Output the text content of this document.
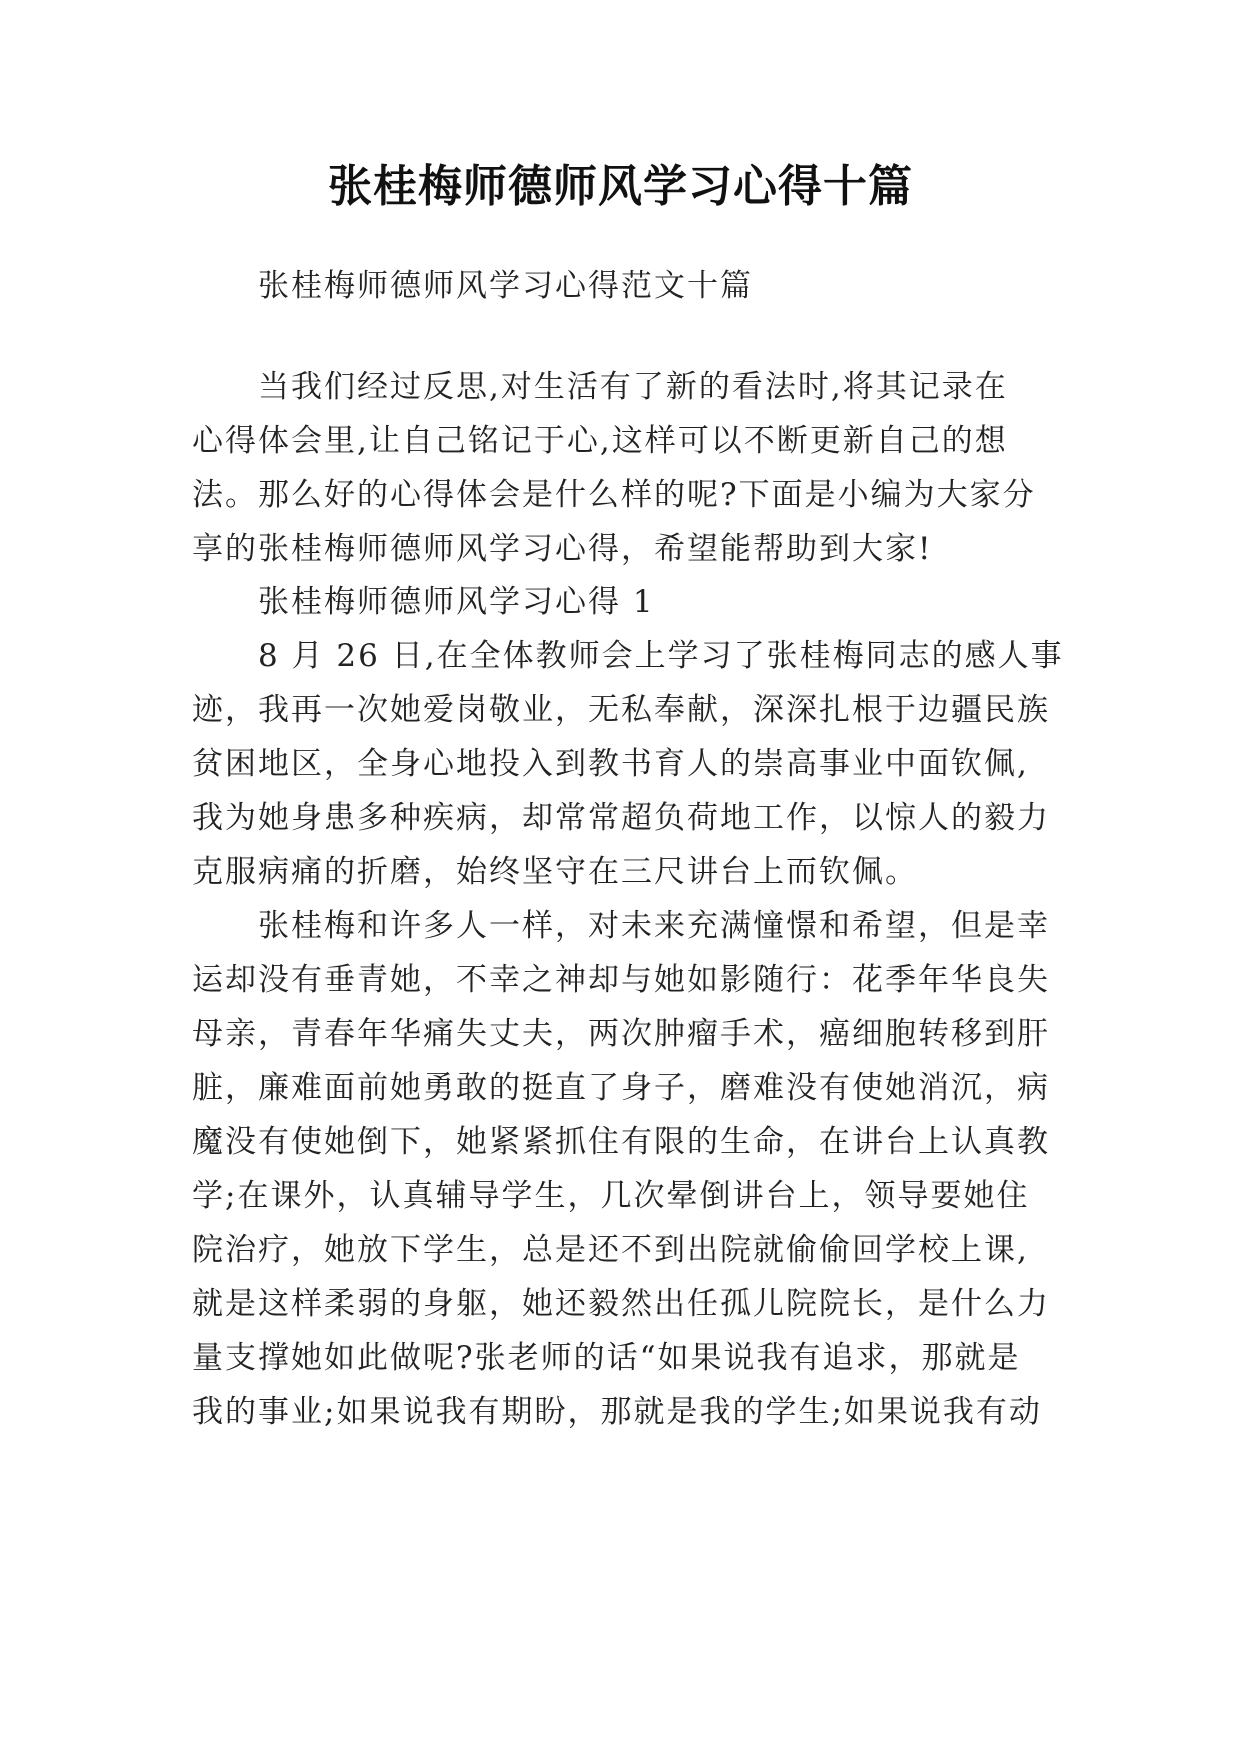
张桂梅师德师风学习心得十篇
张桂梅师德师风学习心得范文十篇
当我们经过反思,对生活有了新的看法时,将其记录在
心得体会里,让自己铭记于心,这样可以不断更新自己的想
法。那么好的心得体会是什么样的呢?下面是小编为大家分
享的张桂梅师德师风学习心得，希望能帮助到大家!
张桂梅师德师风学习心得 1
8 月 26 日,在全体教师会上学习了张桂梅同志的感人事
迹，我再一次她爱岗敬业，无私奉献，深深扎根于边疆民族
贫困地区，全身心地投入到教书育人的崇高事业中面钦佩,
我为她身患多种疾病，却常常超负荷地工作，以惊人的毅力
克服病痛的折磨，始终坚守在三尺讲台上而钦佩。
张桂梅和许多人一样，对未来充满憧憬和希望，但是幸
运却没有垂青她，不幸之神却与她如影随行：花季年华良失
母亲，青春年华痛失丈夫，两次肿瘤手术，癌细胞转移到肝
脏，廉难面前她勇敢的挺直了身子，磨难没有使她消沉，病
魔没有使她倒下，她紧紧抓住有限的生命，在讲台上认真教
学;在课外，认真辅导学生，几次晕倒讲台上，领导要她住
院治疗，她放下学生，总是还不到出院就偷偷回学校上课,
就是这样柔弱的身躯，她还毅然出任孤儿院院长，是什么力
量支撑她如此做呢?张老师的话“如果说我有追求，那就是
我的事业;如果说我有期盼，那就是我的学生;如果说我有动
